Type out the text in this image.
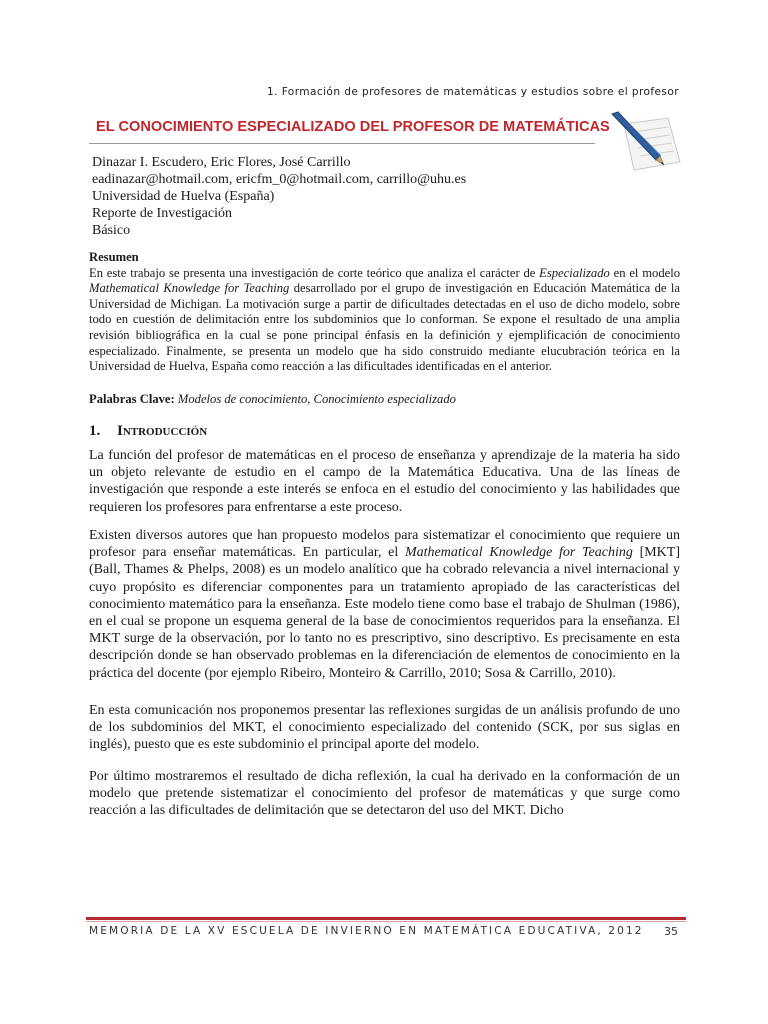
1. Formación de profesores de matemáticas y estudios sobre el profesor
EL CONOCIMIENTO ESPECIALIZADO DEL PROFESOR DE MATEMÁTICAS
Dinazar I. Escudero, Eric Flores, José Carrillo
eadinazar@hotmail.com, ericfm_0@hotmail.com, carrillo@uhu.es
Universidad de Huelva (España)
Reporte de Investigación
Básico
Resumen
En este trabajo se presenta una investigación de corte teórico que analiza el carácter de Especializado en el modelo Mathematical Knowledge for Teaching desarrollado por el grupo de investigación en Educación Matemática de la Universidad de Michigan. La motivación surge a partir de dificultades detectadas en el uso de dicho modelo, sobre todo en cuestión de delimitación entre los subdominios que lo conforman. Se expone el resultado de una amplia revisión bibliográfica en la cual se pone principal énfasis en la definición y ejemplificación de conocimiento especializado. Finalmente, se presenta un modelo que ha sido construido mediante elucubración teórica en la Universidad de Huelva, España como reacción a las dificultades identificadas en el anterior.
Palabras Clave: Modelos de conocimiento, Conocimiento especializado
1. Introducción

La función del profesor de matemáticas en el proceso de enseñanza y aprendizaje de la materia ha sido un objeto relevante de estudio en el campo de la Matemática Educativa. Una de las líneas de investigación que responde a este interés se enfoca en el estudio del conocimiento y las habilidades que requieren los profesores para enfrentarse a este proceso.

Existen diversos autores que han propuesto modelos para sistematizar el conocimiento que requiere un profesor para enseñar matemáticas. En particular, el Mathematical Knowledge for Teaching [MKT] (Ball, Thames & Phelps, 2008) es un modelo analítico que ha cobrado relevancia a nivel internacional y cuyo propósito es diferenciar componentes para un tratamiento apropiado de las características del conocimiento matemático para la enseñanza. Este modelo tiene como base el trabajo de Shulman (1986), en el cual se propone un esquema general de la base de conocimientos requeridos para la enseñanza. El MKT surge de la observación, por lo tanto no es prescriptivo, sino descriptivo. Es precisamente en esta descripción donde se han observado problemas en la diferenciación de elementos de conocimiento en la práctica del docente (por ejemplo Ribeiro, Monteiro & Carrillo, 2010; Sosa & Carrillo, 2010).

En esta comunicación nos proponemos presentar las reflexiones surgidas de un análisis profundo de uno de los subdominios del MKT, el conocimiento especializado del contenido (SCK, por sus siglas en inglés), puesto que es este subdominio el principal aporte del modelo.

Por último mostraremos el resultado de dicha reflexión, la cual ha derivado en la conformación de un modelo que pretende sistematizar el conocimiento del profesor de matemáticas y que surge como reacción a las dificultades de delimitación que se detectaron del uso del MKT. Dicho

MEMORIA DE LA XV ESCUELA DE INVIERNO EN MATEMÁTICA EDUCATIVA, 2012 35
